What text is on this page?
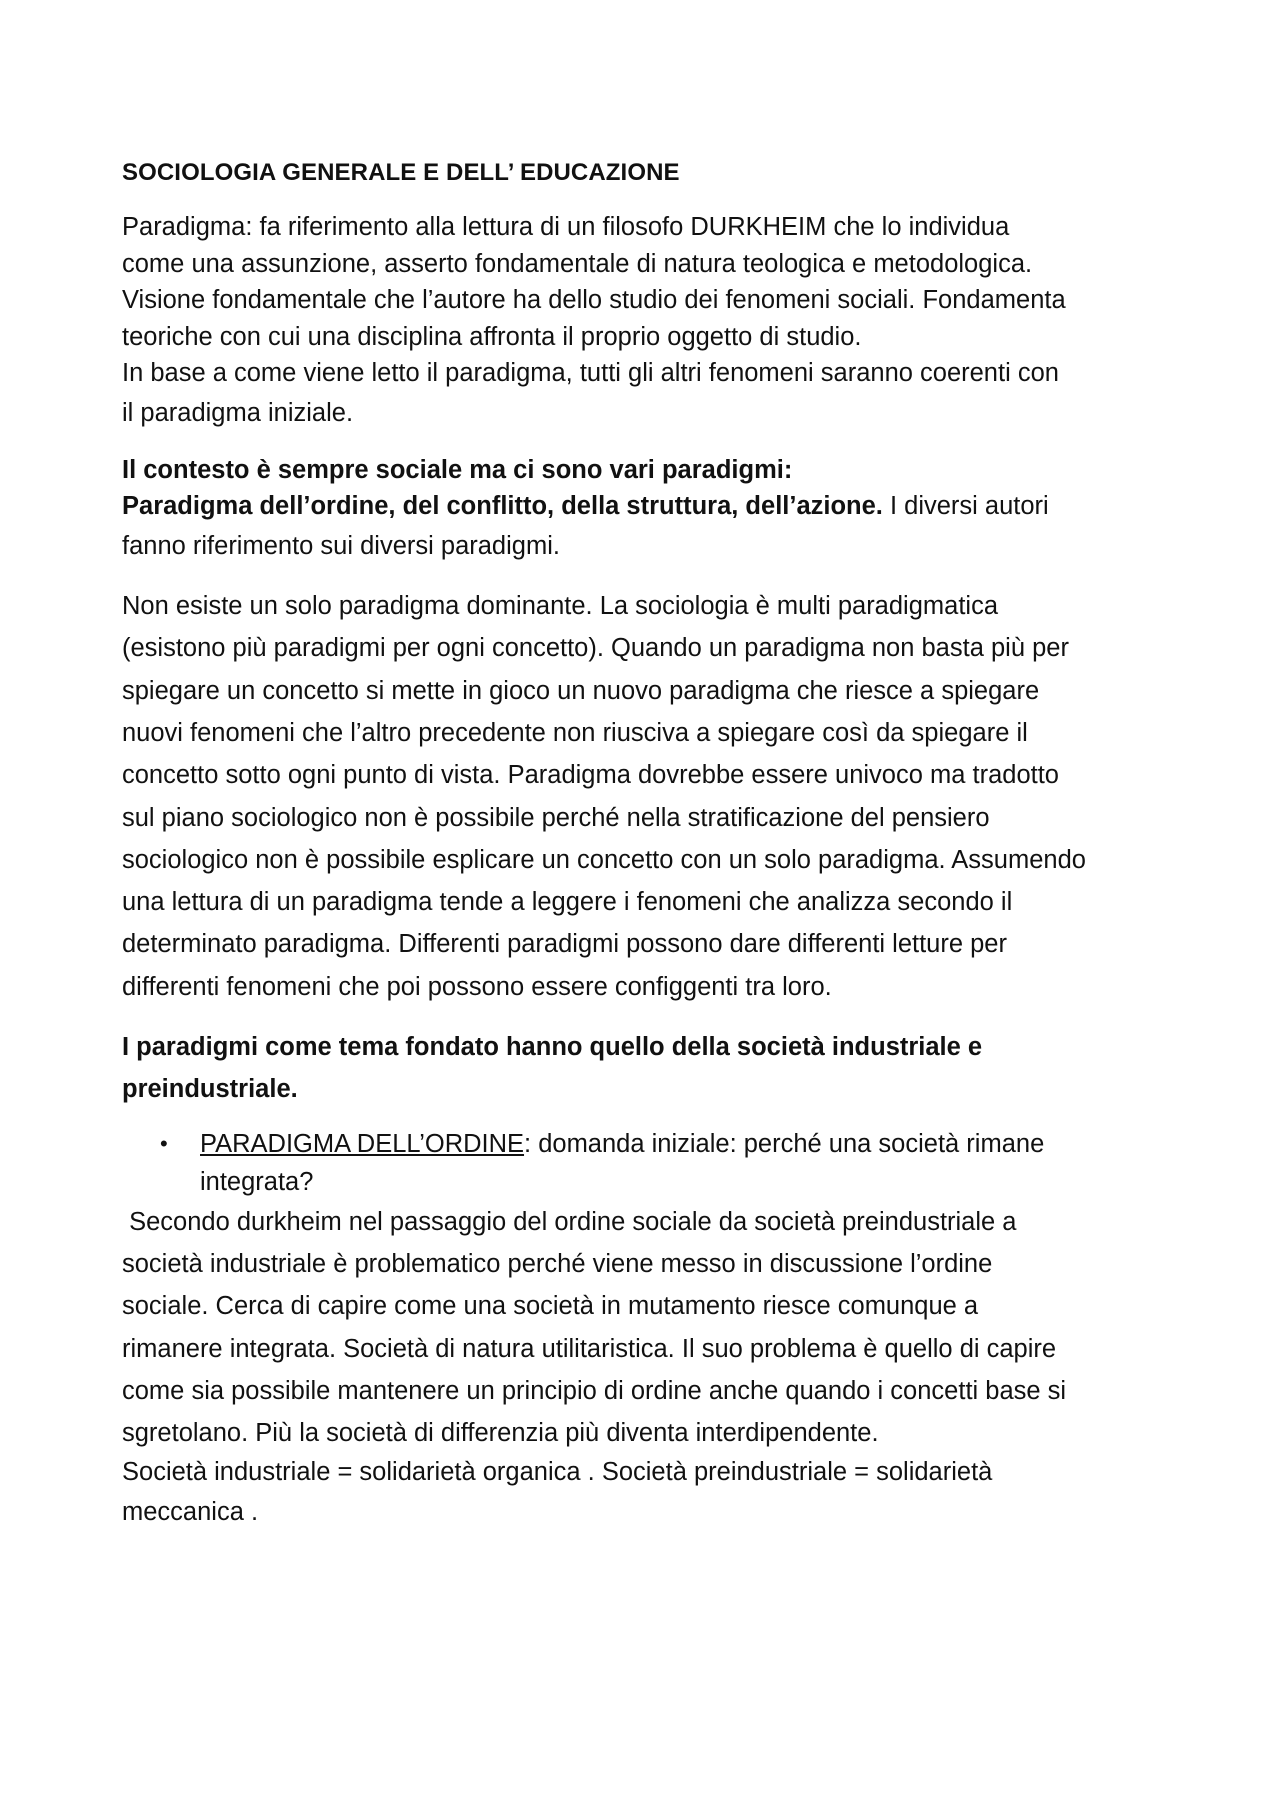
SOCIOLOGIA GENERALE E DELL’ EDUCAZIONE
Paradigma: fa riferimento alla lettura di un filosofo DURKHEIM che lo individua
come una assunzione, asserto fondamentale di natura teologica e metodologica.
Visione fondamentale che l’autore ha dello studio dei fenomeni sociali. Fondamenta
teoriche con cui una disciplina affronta il proprio oggetto di studio.
In base a come viene letto il paradigma, tutti gli altri fenomeni saranno coerenti con
il paradigma iniziale.
Il contesto è sempre sociale ma ci sono vari paradigmi:
Paradigma dell’ordine, del conflitto, della struttura, dell’azione. I diversi autori
fanno riferimento sui diversi paradigmi.
Non esiste un solo paradigma dominante. La sociologia è multi paradigmatica
(esistono più paradigmi per ogni concetto). Quando un paradigma non basta più per
spiegare un concetto si mette in gioco un nuovo paradigma che riesce a spiegare
nuovi fenomeni che l’altro precedente non riusciva a spiegare così da spiegare il
concetto sotto ogni punto di vista. Paradigma dovrebbe essere univoco ma tradotto
sul piano sociologico non è possibile perché nella stratificazione del pensiero
sociologico non è possibile esplicare un concetto con un solo paradigma. Assumendo
una lettura di un paradigma tende a leggere i fenomeni che analizza secondo il
determinato paradigma. Differenti paradigmi possono dare differenti letture per
differenti fenomeni che poi possono essere configgenti tra loro.
I paradigmi come tema fondato hanno quello della società industriale e
preindustriale.
•	PARADIGMA DELL’ORDINE: domanda iniziale: perché una società rimane
integrata?
Secondo durkheim nel passaggio del ordine sociale da società preindustriale a
società industriale è problematico perché viene messo in discussione l’ordine
sociale. Cerca di capire come una società in mutamento riesce comunque a
rimanere integrata. Società di natura utilitaristica. Il suo problema è quello di capire
come sia possibile mantenere un principio di ordine anche quando i concetti base si
sgretolano. Più la società di differenzia più diventa interdipendente.
Società industriale = solidarietà organica . Società preindustriale = solidarietà
meccanica .
